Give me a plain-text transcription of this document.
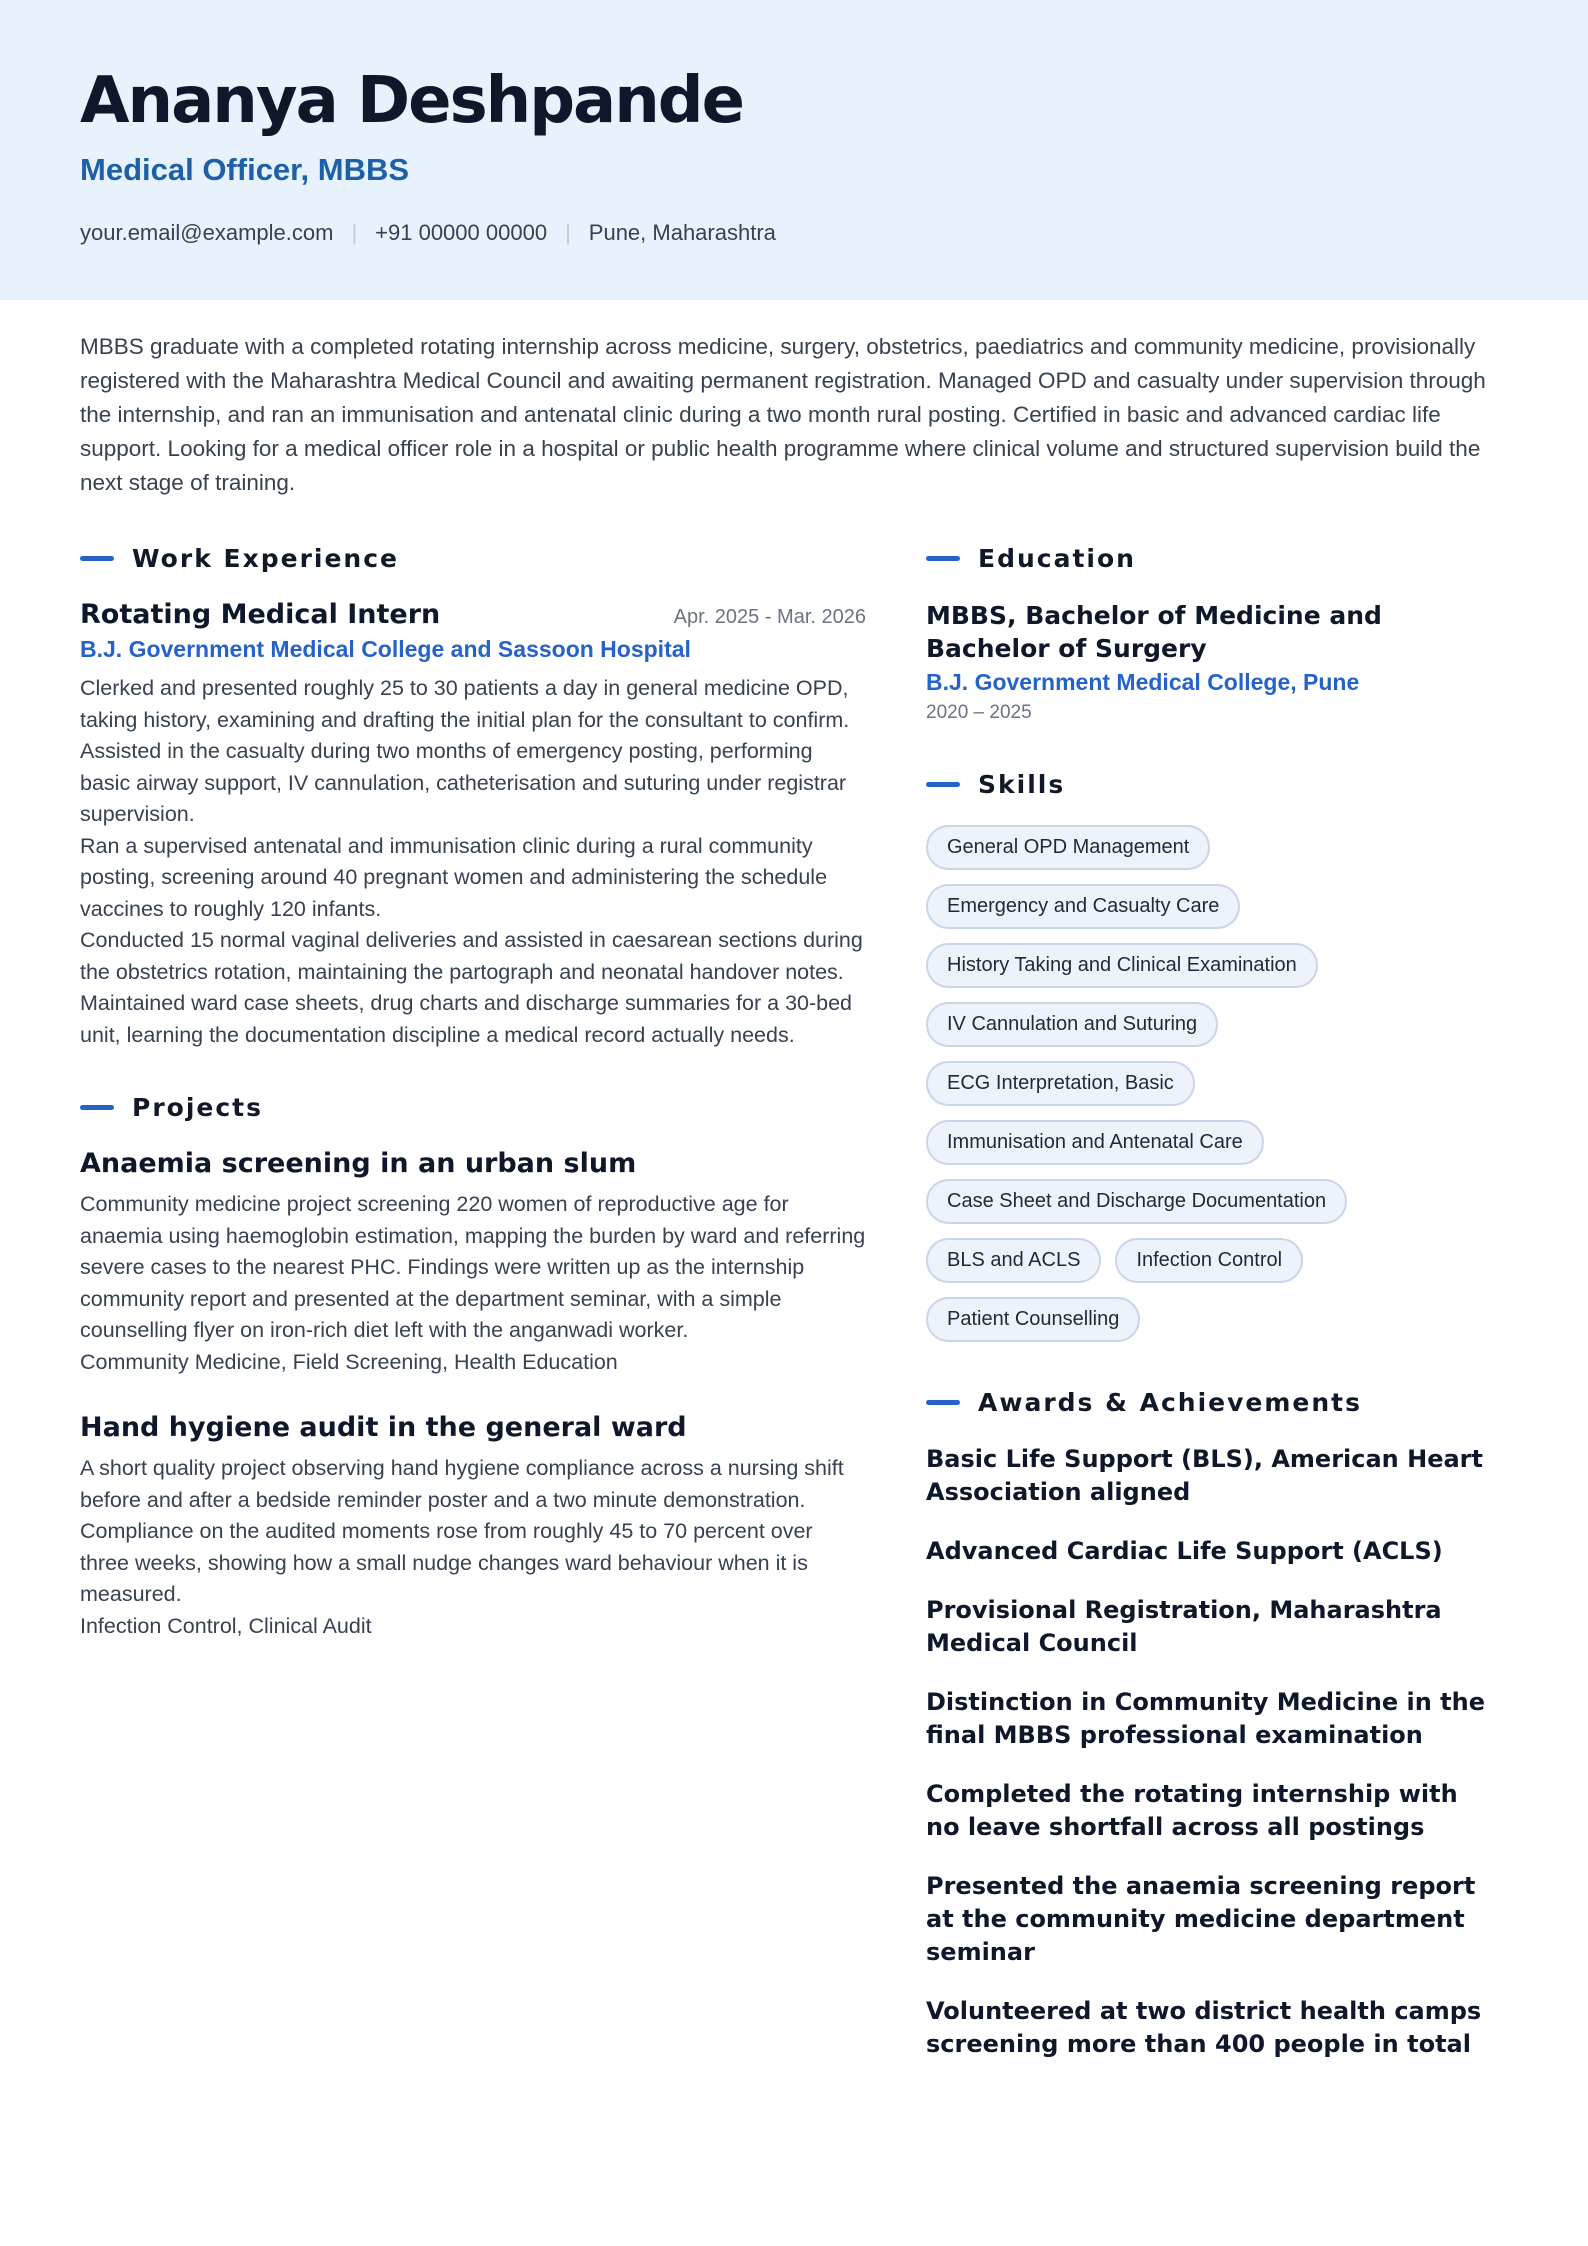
Ananya Deshpande
Medical Officer, MBBS
your.email@example.com | +91 00000 00000 | Pune, Maharashtra
MBBS graduate with a completed rotating internship across medicine, surgery, obstetrics, paediatrics and community medicine, provisionally registered with the Maharashtra Medical Council and awaiting permanent registration. Managed OPD and casualty under supervision through the internship, and ran an immunisation and antenatal clinic during a two month rural posting. Certified in basic and advanced cardiac life support. Looking for a medical officer role in a hospital or public health programme where clinical volume and structured supervision build the next stage of training.
Work Experience
Rotating Medical Intern	Apr. 2025 - Mar. 2026
B.J. Government Medical College and Sassoon Hospital
Clerked and presented roughly 25 to 30 patients a day in general medicine OPD, taking history, examining and drafting the initial plan for the consultant to confirm.
Assisted in the casualty during two months of emergency posting, performing basic airway support, IV cannulation, catheterisation and suturing under registrar supervision.
Ran a supervised antenatal and immunisation clinic during a rural community posting, screening around 40 pregnant women and administering the schedule vaccines to roughly 120 infants.
Conducted 15 normal vaginal deliveries and assisted in caesarean sections during the obstetrics rotation, maintaining the partograph and neonatal handover notes.
Maintained ward case sheets, drug charts and discharge summaries for a 30-bed unit, learning the documentation discipline a medical record actually needs.
Projects
Anaemia screening in an urban slum
Community medicine project screening 220 women of reproductive age for anaemia using haemoglobin estimation, mapping the burden by ward and referring severe cases to the nearest PHC. Findings were written up as the internship community report and presented at the department seminar, with a simple counselling flyer on iron-rich diet left with the anganwadi worker.
Community Medicine, Field Screening, Health Education
Hand hygiene audit in the general ward
A short quality project observing hand hygiene compliance across a nursing shift before and after a bedside reminder poster and a two minute demonstration. Compliance on the audited moments rose from roughly 45 to 70 percent over three weeks, showing how a small nudge changes ward behaviour when it is measured.
Infection Control, Clinical Audit
Education
MBBS, Bachelor of Medicine and Bachelor of Surgery
B.J. Government Medical College, Pune
2020 – 2025
Skills
General OPD Management
Emergency and Casualty Care
History Taking and Clinical Examination
IV Cannulation and Suturing
ECG Interpretation, Basic
Immunisation and Antenatal Care
Case Sheet and Discharge Documentation
BLS and ACLS	Infection Control
Patient Counselling
Awards & Achievements
Basic Life Support (BLS), American Heart Association aligned
Advanced Cardiac Life Support (ACLS)
Provisional Registration, Maharashtra Medical Council
Distinction in Community Medicine in the final MBBS professional examination
Completed the rotating internship with no leave shortfall across all postings
Presented the anaemia screening report at the community medicine department seminar
Volunteered at two district health camps screening more than 400 people in total
